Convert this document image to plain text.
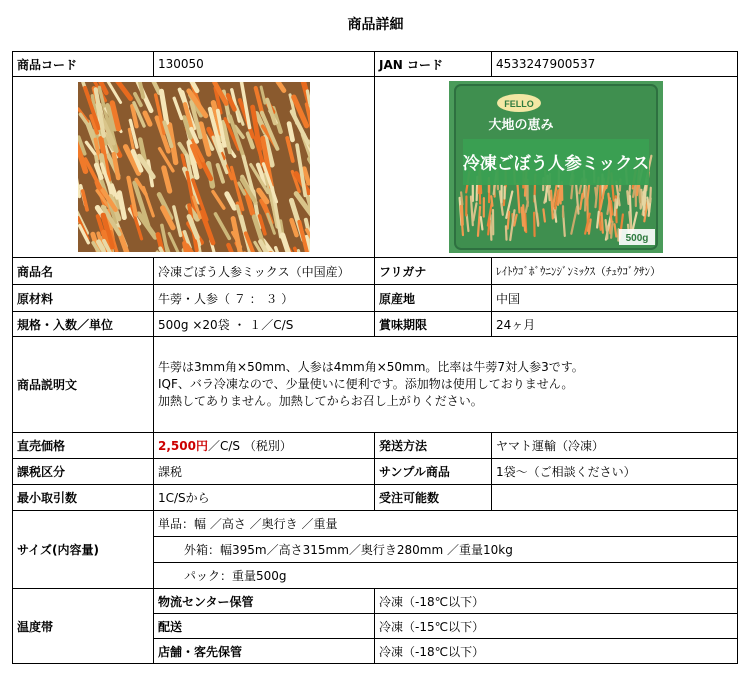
商品詳細
商品コード	130050	JAN コード	4533247900537

FELLO
大地の恵み
冷凍ごぼう人参ミックス
500g	

商品名	冷凍ごぼう人参ミックス（中国産）	フリガナ	ﾚｲﾄｳｺﾞﾎﾞｳﾆﾝｼﾞﾝﾐｯｸｽ（ﾁｭｳｺﾞｸｻﾝ）
原材料	牛蒡・人参（ ７ ： ３ ）	原産地	中国
規格・入数／単位	500g ×20袋 ・ １／C/S	賞味期限	24ヶ月
商品説明文	牛蒡は3mm角×50mm、人参は4mm角×50mm。比率は牛蒡7対人参3です。
IQF、バラ冷凍なので、少量使いに便利です。添加物は使用しておりません。
加熱してありません。加熱してからお召し上がりください。		

直売価格	2,500円／C/S （税別）	発送方法	ヤマト運輸（冷凍）
課税区分	課税	サンプル商品	1袋～（ご相談ください）
最小取引数	1C/Sから	受注可能数	
サイズ(内容量)	単品：幅 ／高さ ／奥行き ／重量		
	外箱：幅395m／高さ315mm／奥行き280mm ／重量10kg		
	パック：重量500g		
温度帯	物流センター保管	冷凍（-18℃以下）	
	配送	冷凍（-15℃以下）	
	店舗・客先保管	冷凍（-18℃以下）	
